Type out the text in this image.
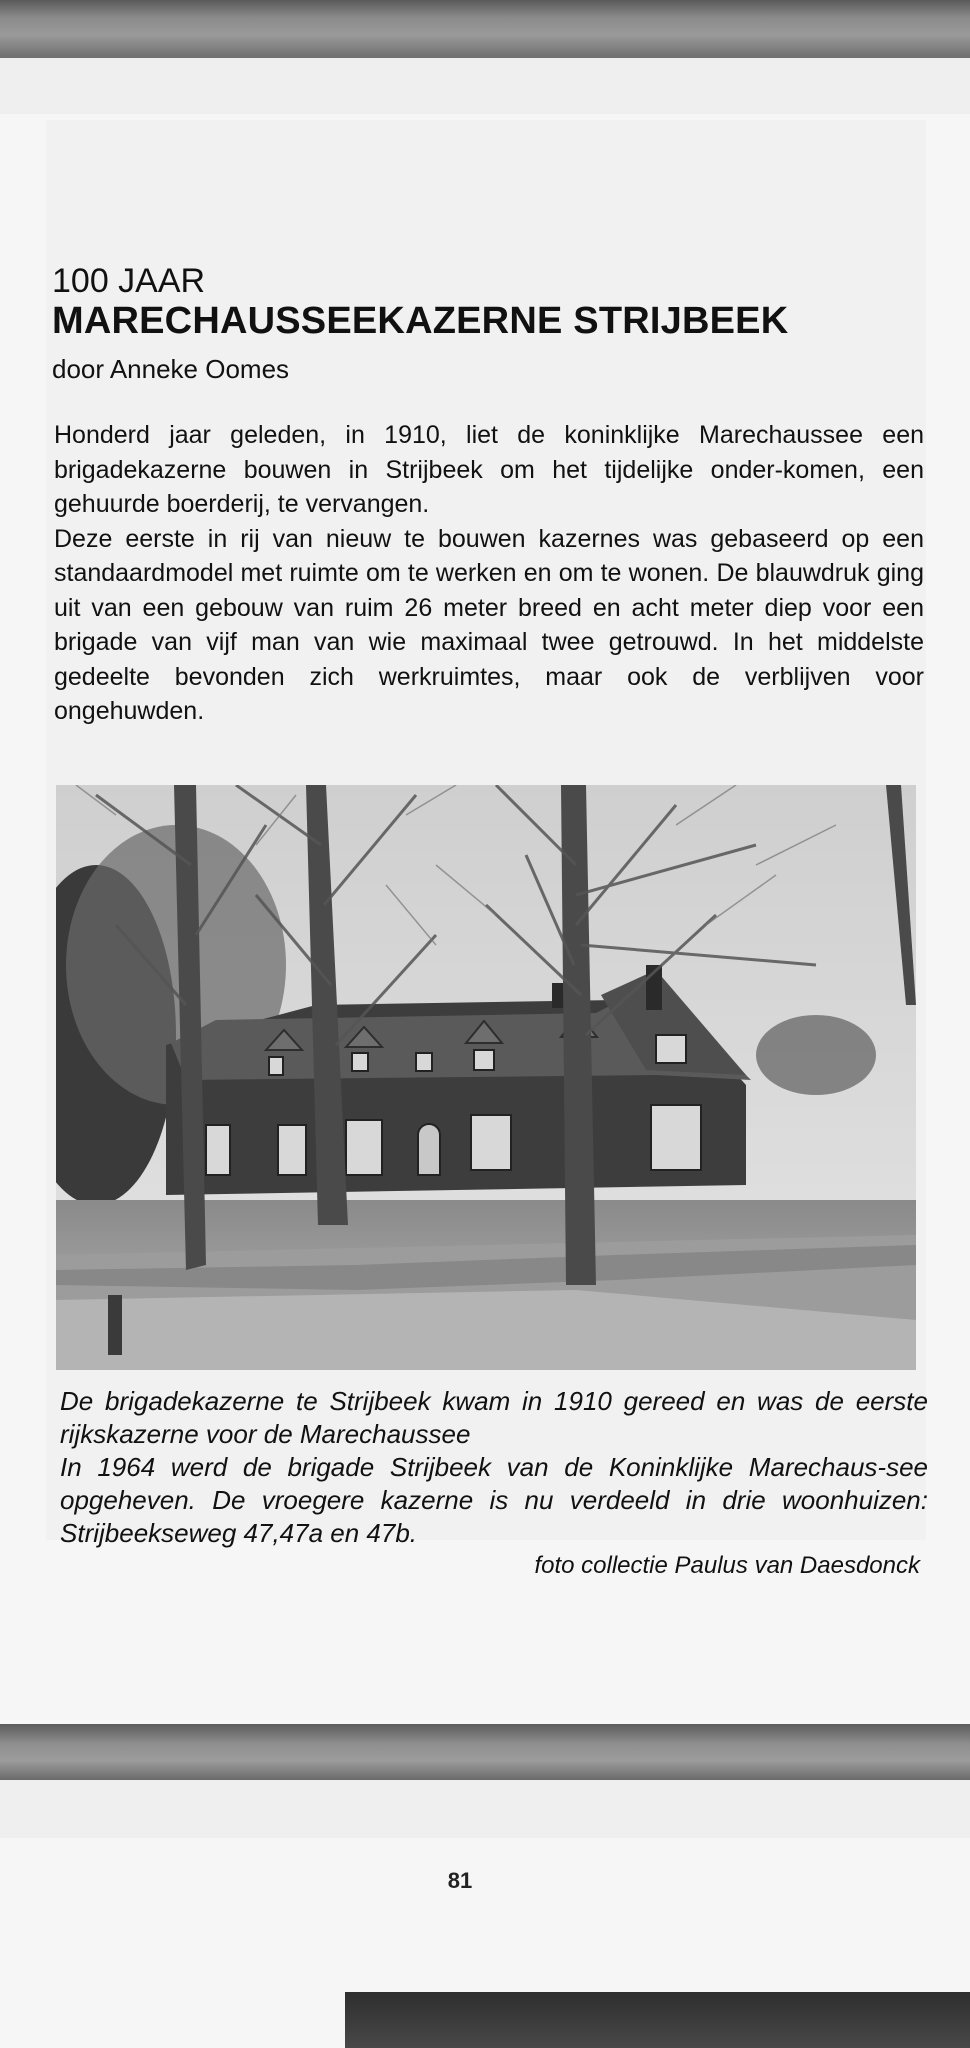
100 JAAR
MARECHAUSSEEKAZERNE STRIJBEEK
door Anneke Oomes

Honderd jaar geleden, in 1910, liet de koninklijke Marechaussee een brigadekazerne bouwen in Strijbeek om het tijdelijke onder-komen, een gehuurde boerderij, te vervangen.

Deze eerste in rij van nieuw te bouwen kazernes was gebaseerd op een standaardmodel met ruimte om te werken en om te wonen. De blauwdruk ging uit van een gebouw van ruim 26 meter breed en acht meter diep voor een brigade van vijf man van wie maximaal twee getrouwd. In het middelste gedeelte bevonden zich werkruimtes, maar ook de verblijven voor ongehuwden.

De brigadekazerne te Strijbeek kwam in 1910 gereed en was de eerste rijkskazerne voor de Marechaussee

In 1964 werd de brigade Strijbeek van de Koninklijke Marechaus-see opgeheven. De vroegere kazerne is nu verdeeld in drie woonhuizen: Strijbeekseweg 47,47a en 47b.

foto collectie Paulus van Daesdonck
81
